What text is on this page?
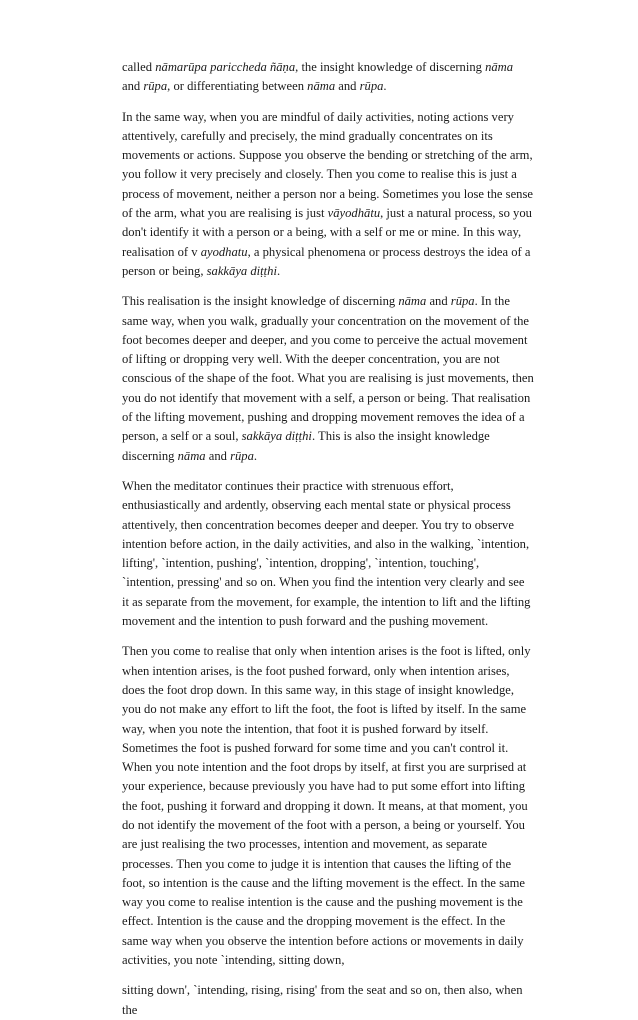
called nāmarūpa pariccheda ñāṇa, the insight knowledge of discerning nāma and rūpa, or differentiating between nāma and rūpa.

In the same way, when you are mindful of daily activities, noting actions very attentively, carefully and precisely, the mind gradually concentrates on its movements or actions. Suppose you observe the bending or stretching of the arm, you follow it very precisely and closely. Then you come to realise this is just a process of movement, neither a person nor a being. Sometimes you lose the sense of the arm, what you are realising is just vāyodhātu, just a natural process, so you don't identify it with a person or a being, with a self or me or mine. In this way, realisation of v ayodhatu, a physical phenomena or process destroys the idea of a person or being, sakkāya diṭṭhi.

This realisation is the insight knowledge of discerning nāma and rūpa. In the same way, when you walk, gradually your concentration on the movement of the foot becomes deeper and deeper, and you come to perceive the actual movement of lifting or dropping very well. With the deeper concentration, you are not conscious of the shape of the foot. What you are realising is just movements, then you do not identify that movement with a self, a person or being. That realisation of the lifting movement, pushing and dropping movement removes the idea of a person, a self or a soul, sakkāya diṭṭhi. This is also the insight knowledge discerning nāma and rūpa.

When the meditator continues their practice with strenuous effort, enthusiastically and ardently, observing each mental state or physical process attentively, then concentration becomes deeper and deeper. You try to observe intention before action, in the daily activities, and also in the walking, `intention, lifting', `intention, pushing', `intention, dropping', `intention, touching', `intention, pressing' and so on. When you find the intention very clearly and see it as separate from the movement, for example, the intention to lift and the lifting movement and the intention to push forward and the pushing movement.

Then you come to realise that only when intention arises is the foot is lifted, only when intention arises, is the foot pushed forward, only when intention arises, does the foot drop down. In this same way, in this stage of insight knowledge, you do not make any effort to lift the foot, the foot is lifted by itself. In the same way, when you note the intention, that foot it is pushed forward by itself. Sometimes the foot is pushed forward for some time and you can't control it. When you note intention and the foot drops by itself, at first you are surprised at your experience, because previously you have had to put some effort into lifting the foot, pushing it forward and dropping it down. It means, at that moment, you do not identify the movement of the foot with a person, a being or yourself. You are just realising the two processes, intention and movement, as separate processes. Then you come to judge it is intention that causes the lifting of the foot, so intention is the cause and the lifting movement is the effect. In the same way you come to realise intention is the cause and the pushing movement is the effect. Intention is the cause and the dropping movement is the effect. In the same way when you observe the intention before actions or movements in daily activities, you note `intending, sitting down,

sitting down', `intending, rising, rising' from the seat and so on, then also, when the
